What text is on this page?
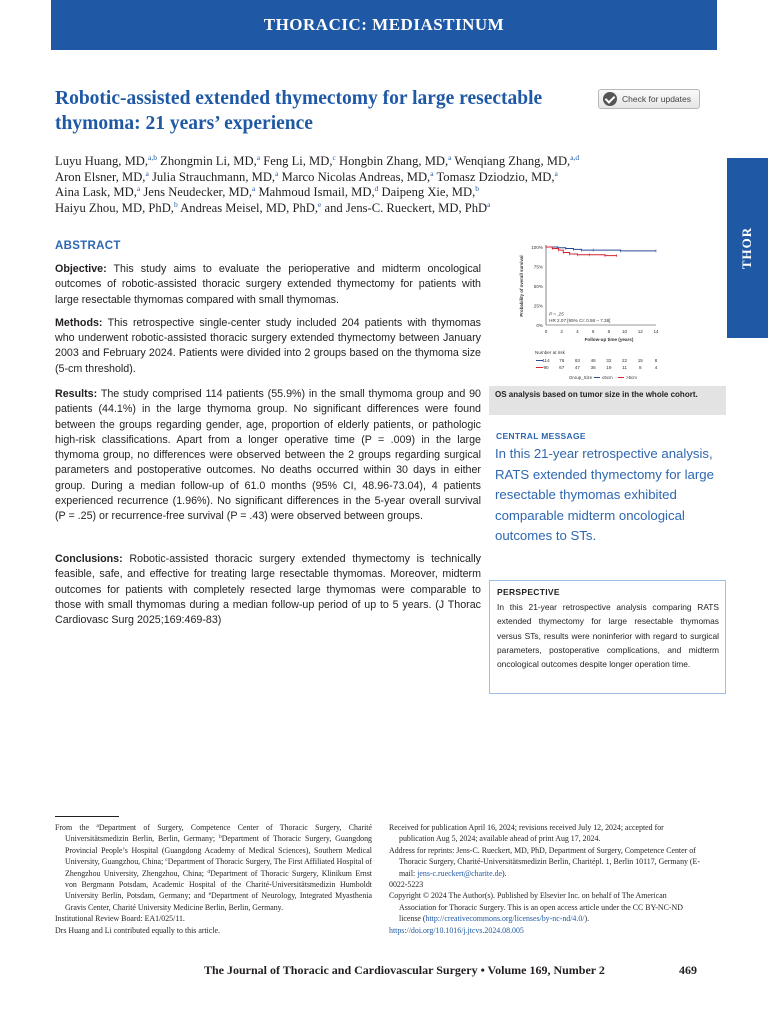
THORACIC: MEDIASTINUM
THOR
Robotic-assisted extended thymectomy for large resectable thymoma: 21 years’ experience
Check for updates
Luyu Huang, MD,$^{a,b}$ Zhongmin Li, MD,$^a$ Feng Li, MD,$^c$ Hongbin Zhang, MD,$^a$ Wenqiang Zhang, MD,$^{a,d}$
Aron Elsner, MD,$^a$ Julia Strauchmann, MD,$^a$ Marco Nicolas Andreas, MD,$^a$ Tomasz Dziodzio, MD,$^a$
Aina Lask, MD,$^a$ Jens Neudecker, MD,$^a$ Mahmoud Ismail, MD,$^d$ Daipeng Xie, MD,$^b$
Haiyu Zhou, MD, PhD,$^b$ Andreas Meisel, MD, PhD,$^e$ and Jens-C. Rueckert, MD, PhD$^a$
ABSTRACT

Objective: This study aims to evaluate the perioperative and midterm oncological outcomes of robotic-assisted thoracic surgery extended thymectomy for patients with large resectable thymomas compared with small thymomas.

Methods: This retrospective single-center study included 204 patients with thymomas who underwent robotic-assisted thoracic surgery extended thymectomy between January 2003 and February 2024. Patients were divided into 2 groups based on the thymoma size (5-cm threshold).

Results: The study comprised 114 patients (55.9%) in the small thymoma group and 90 patients (44.1%) in the large thymoma group. No significant differences were found between the groups regarding gender, age, proportion of elderly patients, or pathologic high-risk classifications. Apart from a longer operative time (P = .009) in the large thymoma group, no differences were observed between the 2 groups regarding surgical parameters and postoperative outcomes. No deaths occurred within 30 days in either group. During a median follow-up of 61.0 months (95% CI, 48.96-73.04), 4 patients experienced recurrence (1.96%). No significant differences in the 5-year overall survival (P = .25) or recurrence-free survival (P = .43) were observed between groups.

Conclusions: Robotic-assisted thoracic surgery extended thymectomy is technically feasible, safe, and effective for treating large resectable thymomas. Moreover, midterm outcomes for patients with completely resected large thymomas were comparable to those with small thymomas during a median follow-up period of up to 5 years. (J Thorac Cardiovasc Surg 2025;169:469-83)

0%
25%
50%
75%
100%
0	2	4	6	8	10 12 14
Follow-up time (years)
Probability of overall survival	P = .25
HR 2.07 [95% CI: 0.58 – 7.38]
Number at risk
114 76 63 46 32 22 15	8
90 67 47 36 19 11	8	4
Group_Size ≤5cm	>5cm
OS analysis based on tumor size in the whole cohort.
CENTRAL MESSAGE
In this 21-year retrospective analysis, RATS extended thymectomy for large resectable thymomas exhibited comparable midterm oncological outcomes to STs.
PERSPECTIVE

In this 21-year retrospective analysis comparing RATS extended thymectomy for large resectable thymomas versus STs, results were noninferior with regard to surgical parameters, postoperative complications, and midterm oncological outcomes despite longer operation time.

From the $^a$Department of Surgery, Competence Center of Thoracic Surgery, Charité Universitätsmedizin Berlin, Berlin, Germany; $^b$Department of Thoracic Surgery, Guangdong Provincial People’s Hospital (Guangdong Academy of Medical Sciences), Southern Medical University, Guangzhou, China; $^c$Department of Thoracic Surgery, The First Affiliated Hospital of Zhengzhou University, Zhengzhou, China; $^d$Department of Thoracic Surgery, Klinikum Ernst von Bergmann Potsdam, Academic Hospital of the Charité-Universitätsmedizin Humboldt University Berlin, Potsdam, Germany; and $^e$Department of Neurology, Integrated Myasthenia Gravis Center, Charité University Medicine Berlin, Berlin, Germany.
Institutional Review Board: EA1/025/11.
Drs Huang and Li contributed equally to this article.
Received for publication April 16, 2024; revisions received July 12, 2024; accepted for publication Aug 5, 2024; available ahead of print Aug 17, 2024.
Address for reprints: Jens-C. Rueckert, MD, PhD, Department of Surgery, Competence Center of Thoracic Surgery, Charité-Universitätsmedizin Berlin, Charitépl. 1, Berlin 10117, Germany (E-mail: jens-c.rueckert@charite.de).
0022-5223
Copyright © 2024 The Author(s). Published by Elsevier Inc. on behalf of The American Association for Thoracic Surgery. This is an open access article under the CC BY-NC-ND license (http://creativecommons.org/licenses/by-nc-nd/4.0/).
https://doi.org/10.1016/j.jtcvs.2024.08.005
The Journal of Thoracic and Cardiovascular Surgery • Volume 169, Number 2	469
